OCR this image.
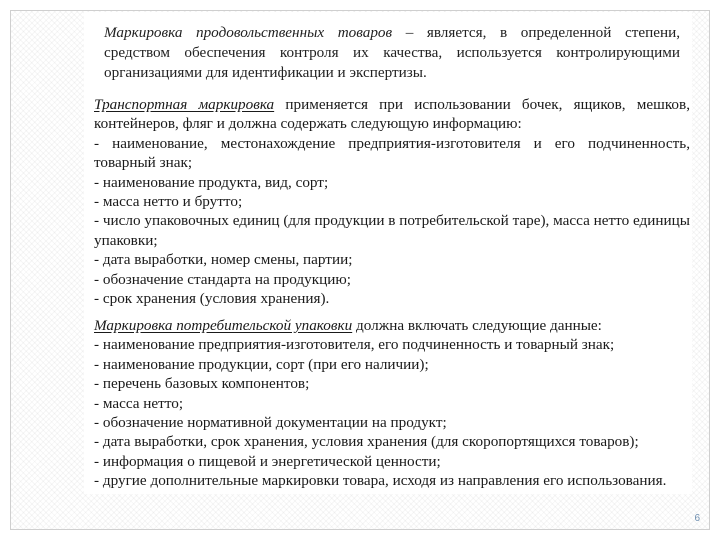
Маркировка продовольственных товаров – является, в определенной степени, средством обеспечения контроля их качества, используется контролирующими организациями для идентификации и экспертизы.
Транспортная маркировка применяется при использовании бочек, ящиков, мешков, контейнеров, фляг и должна содержать следующую информацию:
- наименование, местонахождение предприятия-изготовителя и его подчиненность, товарный знак;
- наименование продукта, вид, сорт;
- масса нетто и брутто;
- число упаковочных единиц (для продукции в потребительской таре), масса нетто единицы упаковки;
- дата выработки, номер смены, партии;
- обозначение стандарта на продукцию;
- срок хранения (условия хранения).
Маркировка потребительской упаковки должна включать следующие данные:
- наименование предприятия-изготовителя, его подчиненность и товарный знак;
- наименование продукции, сорт (при его наличии);
- перечень базовых компонентов;
- масса нетто;
- обозначение нормативной документации на продукт;
- дата выработки, срок хранения, условия хранения (для скоропортящихся товаров);
- информация о пищевой и энергетической ценности;
- другие дополнительные маркировки товара, исходя из направления его использования.
6
